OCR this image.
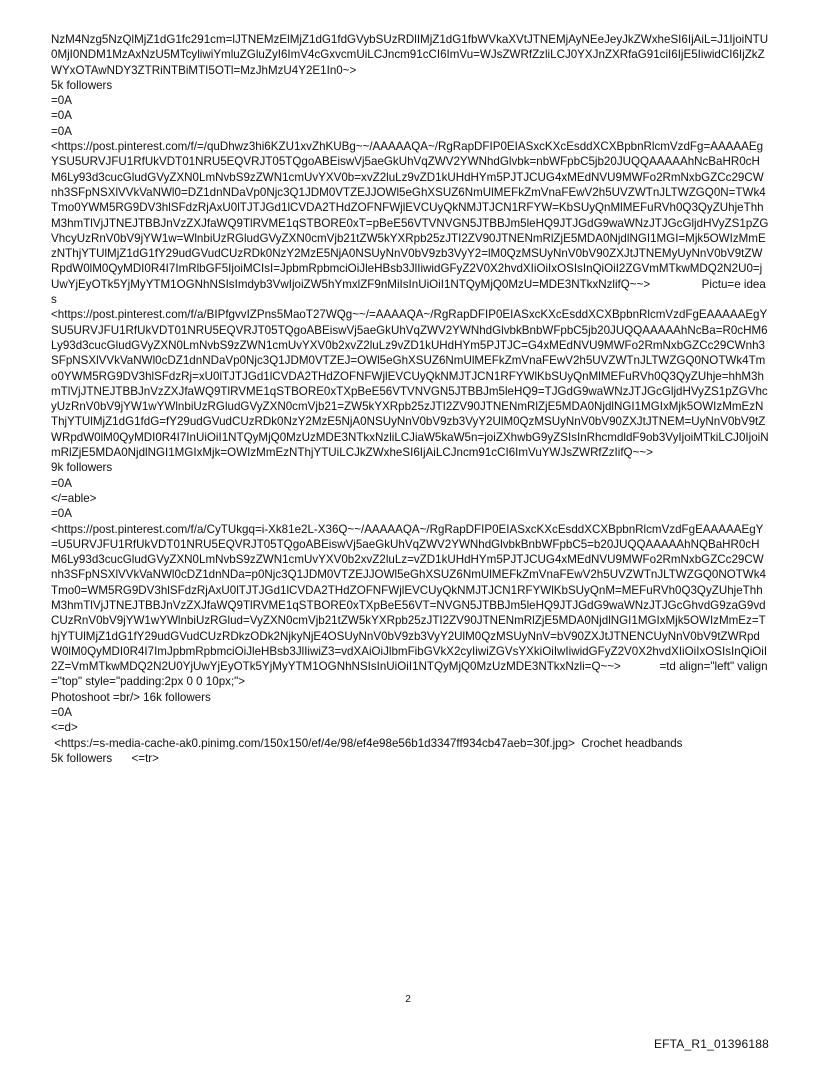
NzM4Nzg5NzQlMjZ1dG1fc291cm=lJTNEMzElMjZ1dG1fdGVybSUzRDlIMjZ1dG1fbWVkaXVtJTNEMjAyNEeJeyJkZWxheSI6IjAiL=J1IjoiNTU0MjI0NDM1MzAxNzU5MTcyliwiYmluZGluZyI6ImV4cGxvcmUiLCJncm91cCI6ImVu=WJsZWRfZzliLCJ0YXJnZXRfaG91ciI6IjE5IiwidCI6IjZkZWYxOTAwNDY3ZTRiNTBiMTI5OTl=MzJhMzU4Y2E1In0~>
5k followers
=0A
=0A
=0A
<https://post.pinterest.com/f/=/quDhwz3hi6KZU1xvZhKUBg~~/AAAAAQA~/RgRapDFIP0EIASxcKXcEsddXCXBpbnRlcmVzdFg=AAAAAEgYSU5URVJFU1RfUkVDT01NRU5EQVRJT05TQgoABEiswVj5aeGkUhVqZWV2YWNhdGlvbk=nbWFpbC5jb20JUQQAAAAAhNcBaHR0cHM6Ly93d3cucGludGVyZXN0LmNvbS9zZWN1cmUvYXV0b=xvZ2luLz9vZD1kUHdHYm5PJTJCUG4xMEdNVU9MWFo2RmNxbGZCc29CWnh3SFpNSXlVVkVaNWl0=DZ1dnNDaVp0Njc3Q1JDM0VTZEJJOWl5eGhXSUZ6NmUlMEFkZmVnaFEwV2h5UVZWTnJLTWZGQ0N=TWk4Tmo0YWM5RG9DV3hlSFdzRjAxU0lTJTJGd1lCVDA2THdZOFNFWjlEVCUyQkNMJTJCN1RFYW=KbSUyQnMlMEFuRVh0Q3QyZUhjeThhM3hmTlVjJTNEJTBBJnVzZXJfaWQ9TlRVME1qSTBORE0xT=pBeE56VTVNVGN5JTBBJm5leHQ9JTJGdG9waWNzJTJGcGljdHVyZS1pZGVhcyUzRnV0bV9jYW1w=WlnbiUzRGludGVyZXN0cmVjb21tZW5kYXRpb25zJTI2ZV90JTNENmRlZjE5MDA0NjdlNGI1MGI=Mjk5OWIzMmEzNThjYTUlMjZ1dG1fY29udGVudCUzRDk0NzY2MzE5NjA0NSUyNnV0bV9zb3VyY2=lM0QzMSUyNnV0bV90ZXJtJTNEMyUyNnV0bV9tZWRpdW0lM0QyMDI0R4I7ImRlbGF5IjoiMCIsI=JpbmRpbmciOiJleHBsb3JlIiwidGFyZ2V0X2hvdXIiOiIxOSIsInQiOiI2ZGVmMTkwMDQ2N2U0=jUwYjEyOTk5YjMyYTM1OGNhNSIsImdyb3VwIjoiZW5hYmxlZF9nMiIsInUiOiI1NTQyMjQ0MzU=MDE3NTkxNzlifQ~~>                Pictu=e ideas
<https://post.pinterest.com/f/a/BIPfgvvIZPns5MaoT27WQg~~/=AAAAQA~/RgRapDFIP0EIASxcKXcEsddXCXBpbnRlcmVzdFgEAAAAAEgYSU5URVJFU1RfUkVDT01NRU5EQVRJT05TQgoABEiswVj5aeGkUhVqZWV2YWNhdGlvbkBnbWFpbC5jb20JUQQAAAAAhNcBa=R0cHM6Ly93d3cucGludGVyZXN0LmNvbS9zZWN1cmUvYXV0b2xvZ2luLz9vZD1kUHdHYm5PJTJC=G4xMEdNVU9MWFo2RmNxbGZCc29CWnh3SFpNSXlVVkVaNWl0cDZ1dnNDaVp0Njc3Q1JDM0VTZEJ=OWl5eGhXSUZ6NmUlMEFkZmVnaFEwV2h5UVZWTnJLTWZGQ0NOTWk4Tmo0YWM5RG9DV3hlSFdzRj=xU0lTJTJGd1lCVDA2THdZOFNFWjlEVCUyQkNMJTJCN1RFYWlKbSUyQnMlMEFuRVh0Q3QyZUhje=hhM3hmTlVjJTNEJTBBJnVzZXJfaWQ9TlRVME1qSTBORE0xTXpBeE56VTVNVGN5JTBBJm5leHQ9=TJGdG9waWNzJTJGcGljdHVyZS1pZGVhcyUzRnV0bV9jYW1wYWlnbiUzRGludGVyZXN0cmVjb21=ZW5kYXRpb25zJTI2ZV90JTNENmRlZjE5MDA0NjdlNGI1MGIxMjk5OWIzMmEzNThjYTUlMjZ1dG1fdG=fY29udGVudCUzRDk0NzY2MzE5NjA0NSUyNnV0bV9zb3VyY2UlM0QzMSUyNnV0bV90ZXJtJTNEM=UyNnV0bV9tZWRpdW0lM0QyMDI0R4I7InUiOiI1NTQyMjQ0MzUzMDE3NTkxNzliLCJiaW5kaW5n=joiZXhwbG9yZSIsInRhcmdldF9ob3VyIjoiMTkiLCJ0IjoiNmRlZjE5MDA0NjdlNGI1MGIxMjk=OWIzMmEzNThjYTUiLCJkZWxheSI6IjAiLCJncm91cCI6ImVuYWJsZWRfZzIifQ~~>
9k followers
=0A
</=able>
=0A
<https://post.pinterest.com/f/a/CyTUkgq=i-Xk81e2L-X36Q~~/AAAAAQA~/RgRapDFIP0EIASxcKXcEsddXCXBpbnRlcmVzdFgEAAAAAEgY=U5URVJFU1RfUkVDT01NRU5EQVRJT05TQgoABEiswVj5aeGkUhVqZWV2YWNhdGlvbkBnbWFpbC5=b20JUQQAAAAAhNQBaHR0cHM6Ly93d3cucGludGVyZXN0LmNvbS9zZWN1cmUvYXV0b2xvZ2luLz=vZD1kUHdHYm5PJTJCUG4xMEdNVU9MWFo2RmNxbGZCc29CWnh3SFpNSXlVVkVaNWl0cDZ1dnNDa=p0Njc3Q1JDM0VTZEJJOWl5eGhXSUZ6NmUlMEFkZmVnaFEwV2h5UVZWTnJLTWZGQ0NOTWk4Tmo0=WM5RG9DV3hlSFdzRjAxU0lTJTJGd1lCVDA2THdZOFNFWjlEVCUyQkNMJTJCN1RFYWlKbSUyQnM=MEFuRVh0Q3QyZUhjeThhM3hmTlVjJTNEJTBBJnVzZXJfaWQ9TlRVME1qSTBORE0xTXpBeE56VT=NVGN5JTBBJm5leHQ9JTJGdG9waWNzJTJGcGhvdG9zaG9vdCUzRnV0bV9jYW1wYWlnbiUzRGlud=VyZXN0cmVjb21tZW5kYXRpb25zJTI2ZV90JTNENmRlZjE5MDA0NjdlNGI1MGIxMjk5OWIzMmEz=ThjYTUlMjZ1dG1fY29udGVudCUzRDkzODk2NjkyNjE4OSUyNnV0bV9zb3VyY2UlM0QzMSUyNnV=bV90ZXJtJTNENCUyNnV0bV9tZWRpdW0lM0QyMDI0R4I7ImJpbmRpbmciOiJleHBsb3JlIiwiZ3=vdXAiOiJlbmFibGVkX2cyIiwiZGVsYXkiOiIwIiwidGFyZ2V0X2hvdXIiOiIxOSIsInQiOiI2Z=VmMTkwMDQ2N2U0YjUwYjEyOTk5YjMyYTM1OGNhNSIsInUiOiI1NTQyMjQ0MzUzMDE3NTkxNzli=Q~~>            =td align="left" valign="top" style="padding:2px 0 0 10px;">
Photoshoot =br/> 16k followers
=0A
<=d>
<https:/=s-media-cache-ak0.pinimg.com/150x150/ef/4e/98/ef4e98e56b1d3347ff934cb47aeb=30f.jpg>  Crochet headbands
5k followers      <=tr>
2
EFTA_R1_01396188
